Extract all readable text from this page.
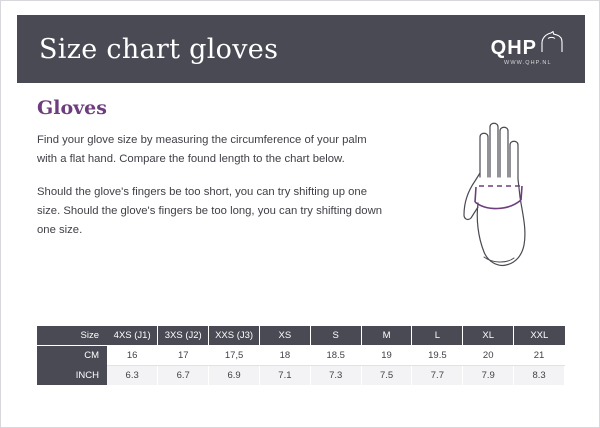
Size chart gloves	QHP
WWW.QHP.NL
Gloves

Find your glove size by measuring the circumference of your palm with a flat hand. Compare the found length to the chart below.

Should the glove's fingers be too short, you can try shifting up one size. Should the glove's fingers be too long, you can try shifting down one size.

Size	4XS (J1)	3XS (J2)	XXS (J3)	XS	S	M	L	XL	XXL
CM	16	17	17,5	18	18.5	19	19.5	20	21
INCH	6.3	6.7	6.9	7.1	7.3	7.5	7.7	7.9	8.3
